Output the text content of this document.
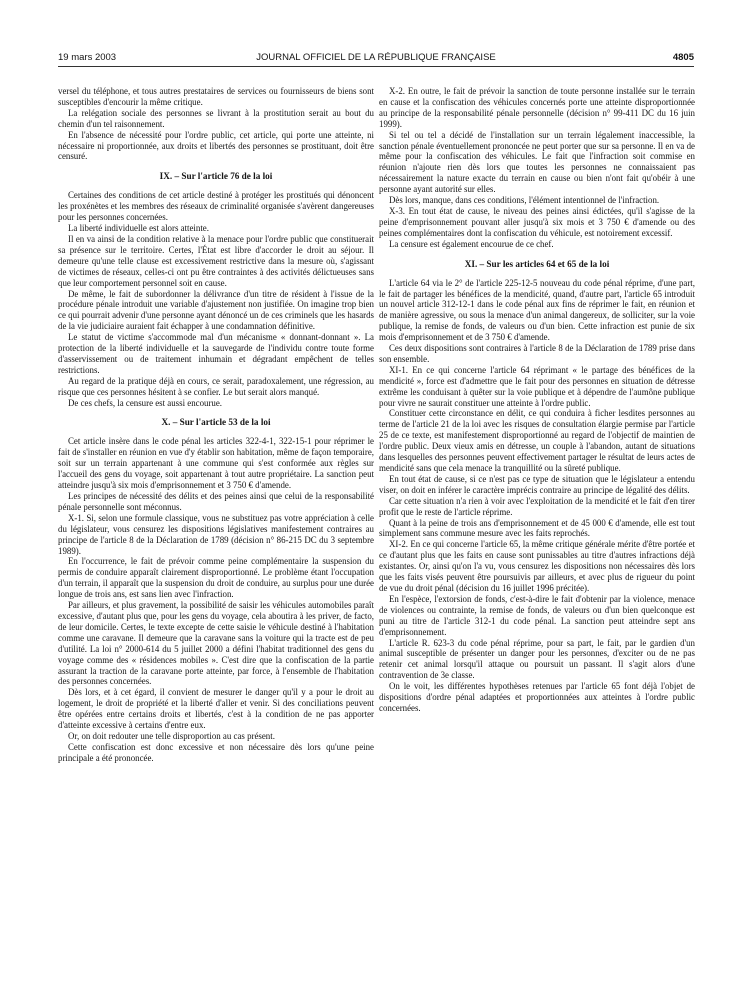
19 mars 2003	JOURNAL OFFICIEL DE LA RÉPUBLIQUE FRANÇAISE	4805

versel du téléphone, et tous autres prestataires de services ou fournisseurs de biens sont susceptibles d'encourir la même critique.

La relégation sociale des personnes se livrant à la prostitution serait au bout du chemin d'un tel raisonnement.

En l'absence de nécessité pour l'ordre public, cet article, qui porte une atteinte, ni nécessaire ni proportionnée, aux droits et libertés des personnes se prostituant, doit être censuré.

IX. – Sur l'article 76 de la loi

Certaines des conditions de cet article destiné à protéger les prostitués qui dénoncent les proxénètes et les membres des réseaux de criminalité organisée s'avèrent dangereuses pour les personnes concernées.

La liberté individuelle est alors atteinte.

Il en va ainsi de la condition relative à la menace pour l'ordre public que constituerait sa présence sur le territoire. Certes, l'État est libre d'accorder le droit au séjour. Il demeure qu'une telle clause est excessivement restrictive dans la mesure où, s'agissant de victimes de réseaux, celles-ci ont pu être contraintes à des activités délictueuses sans que leur comportement personnel soit en cause.

De même, le fait de subordonner la délivrance d'un titre de résident à l'issue de la procédure pénale introduit une variable d'ajustement non justifiée. On imagine trop bien ce qui pourrait advenir d'une personne ayant dénoncé un de ces criminels que les hasards de la vie judiciaire auraient fait échapper à une condamnation définitive.

Le statut de victime s'accommode mal d'un mécanisme « donnant-donnant ». La protection de la liberté individuelle et la sauvegarde de l'individu contre toute forme d'asservissement ou de traitement inhumain et dégradant empêchent de telles restrictions.

Au regard de la pratique déjà en cours, ce serait, paradoxalement, une régression, au risque que ces personnes hésitent à se confier. Le but serait alors manqué.

De ces chefs, la censure est aussi encourue.

X. – Sur l'article 53 de la loi

Cet article insère dans le code pénal les articles 322-4-1, 322-15-1 pour réprimer le fait de s'installer en réunion en vue d'y établir son habitation, même de façon temporaire, soit sur un terrain appartenant à une commune qui s'est conformée aux règles sur l'accueil des gens du voyage, soit appartenant à tout autre propriétaire. La sanction peut atteindre jusqu'à six mois d'emprisonnement et 3 750 € d'amende.

Les principes de nécessité des délits et des peines ainsi que celui de la responsabilité pénale personnelle sont méconnus.

X-1. Si, selon une formule classique, vous ne substituez pas votre appréciation à celle du législateur, vous censurez les dispositions législatives manifestement contraires au principe de l'article 8 de la Déclaration de 1789 (décision n° 86-215 DC du 3 septembre 1989).

En l'occurrence, le fait de prévoir comme peine complémentaire la suspension du permis de conduire apparaît clairement disproportionné. Le problème étant l'occupation d'un terrain, il apparaît que la suspension du droit de conduire, au surplus pour une durée longue de trois ans, est sans lien avec l'infraction.

Par ailleurs, et plus gravement, la possibilité de saisir les véhicules automobiles paraît excessive, d'autant plus que, pour les gens du voyage, cela aboutira à les priver, de facto, de leur domicile. Certes, le texte excepte de cette saisie le véhicule destiné à l'habitation comme une caravane. Il demeure que la caravane sans la voiture qui la tracte est de peu d'utilité. La loi n° 2000-614 du 5 juillet 2000 a défini l'habitat traditionnel des gens du voyage comme des « résidences mobiles ». C'est dire que la confiscation de la partie assurant la traction de la caravane porte atteinte, par force, à l'ensemble de l'habitation des personnes concernées.

Dès lors, et à cet égard, il convient de mesurer le danger qu'il y a pour le droit au logement, le droit de propriété et la liberté d'aller et venir. Si des conciliations peuvent être opérées entre certains droits et libertés, c'est à la condition de ne pas apporter d'atteinte excessive à certains d'entre eux.

Or, on doit redouter une telle disproportion au cas présent.

Cette confiscation est donc excessive et non nécessaire dès lors qu'une peine principale a été prononcée.

X-2. En outre, le fait de prévoir la sanction de toute personne installée sur le terrain en cause et la confiscation des véhicules concernés porte une atteinte disproportionnée au principe de la responsabilité pénale personnelle (décision n° 99-411 DC du 16 juin 1999).

Si tel ou tel a décidé de l'installation sur un terrain légalement inaccessible, la sanction pénale éventuellement prononcée ne peut porter que sur sa personne. Il en va de même pour la confiscation des véhicules. Le fait que l'infraction soit commise en réunion n'ajoute rien dès lors que toutes les personnes ne connaissaient pas nécessairement la nature exacte du terrain en cause ou bien n'ont fait qu'obéir à une personne ayant autorité sur elles.

Dès lors, manque, dans ces conditions, l'élément intentionnel de l'infraction.

X-3. En tout état de cause, le niveau des peines ainsi édictées, qu'il s'agisse de la peine d'emprisonnement pouvant aller jusqu'à six mois et 3 750 € d'amende ou des peines complémentaires dont la confiscation du véhicule, est notoirement excessif.

La censure est également encourue de ce chef.

XI. – Sur les articles 64 et 65 de la loi

L'article 64 via le 2° de l'article 225-12-5 nouveau du code pénal réprime, d'une part, le fait de partager les bénéfices de la mendicité, quand, d'autre part, l'article 65 introduit un nouvel article 312-12-1 dans le code pénal aux fins de réprimer le fait, en réunion et de manière agressive, ou sous la menace d'un animal dangereux, de solliciter, sur la voie publique, la remise de fonds, de valeurs ou d'un bien. Cette infraction est punie de six mois d'emprisonnement et de 3 750 € d'amende.

Ces deux dispositions sont contraires à l'article 8 de la Déclaration de 1789 prise dans son ensemble.

XI-1. En ce qui concerne l'article 64 réprimant « le partage des bénéfices de la mendicité », force est d'admettre que le fait pour des personnes en situation de détresse extrême les conduisant à quêter sur la voie publique et à dépendre de l'aumône publique pour vivre ne saurait constituer une atteinte à l'ordre public.

Constituer cette circonstance en délit, ce qui conduira à ficher lesdites personnes au terme de l'article 21 de la loi avec les risques de consultation élargie permise par l'article 25 de ce texte, est manifestement disproportionné au regard de l'objectif de maintien de l'ordre public. Deux vieux amis en détresse, un couple à l'abandon, autant de situations dans lesquelles des personnes peuvent effectivement partager le résultat de leurs actes de mendicité sans que cela menace la tranquillité ou la sûreté publique.

En tout état de cause, si ce n'est pas ce type de situation que le législateur a entendu viser, on doit en inférer le caractère imprécis contraire au principe de légalité des délits.

Car cette situation n'a rien à voir avec l'exploitation de la mendicité et le fait d'en tirer profit que le reste de l'article réprime.

Quant à la peine de trois ans d'emprisonnement et de 45 000 € d'amende, elle est tout simplement sans commune mesure avec les faits reprochés.

XI-2. En ce qui concerne l'article 65, la même critique générale mérite d'être portée et ce d'autant plus que les faits en cause sont punissables au titre d'autres infractions déjà existantes. Or, ainsi qu'on l'a vu, vous censurez les dispositions non nécessaires dès lors que les faits visés peuvent être poursuivis par ailleurs, et avec plus de rigueur du point de vue du droit pénal (décision du 16 juillet 1996 précitée).

En l'espèce, l'extorsion de fonds, c'est-à-dire le fait d'obtenir par la violence, menace de violences ou contrainte, la remise de fonds, de valeurs ou d'un bien quelconque est puni au titre de l'article 312-1 du code pénal. La sanction peut atteindre sept ans d'emprisonnement.

L'article R. 623-3 du code pénal réprime, pour sa part, le fait, par le gardien d'un animal susceptible de présenter un danger pour les personnes, d'exciter ou de ne pas retenir cet animal lorsqu'il attaque ou poursuit un passant. Il s'agit alors d'une contravention de 3e classe.

On le voit, les différentes hypothèses retenues par l'article 65 font déjà l'objet de dispositions d'ordre pénal adaptées et proportionnées aux atteintes à l'ordre public concernées.
